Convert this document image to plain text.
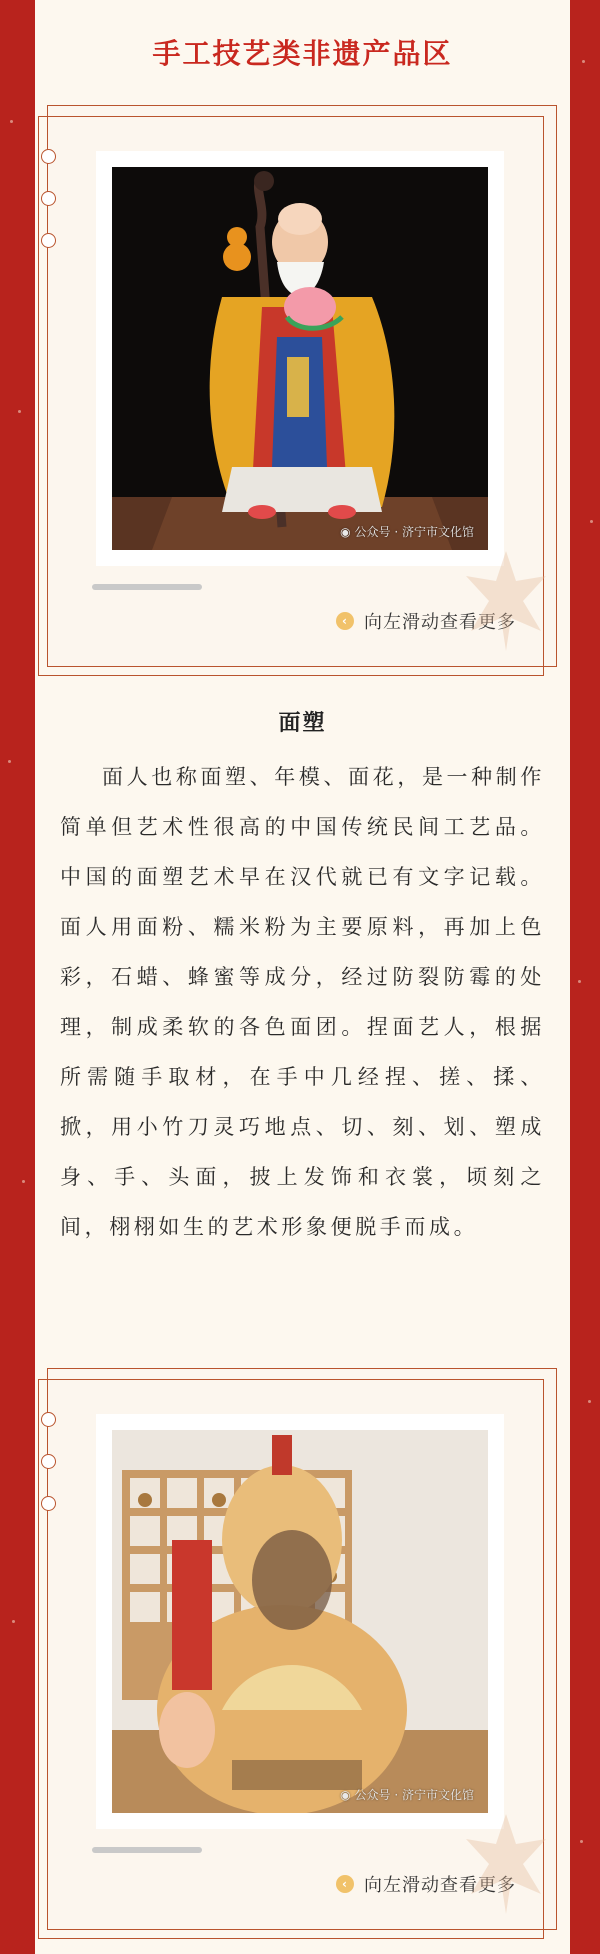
手工技艺类非遗产品区
◉ 公众号 · 济宁市文化馆
‹ 向左滑动查看更多
面塑

面人也称面塑、年模、面花，是一种制作简单但艺术性很高的中国传统民间工艺品。中国的面塑艺术早在汉代就已有文字记载。面人用面粉、糯米粉为主要原料，再加上色彩，石蜡、蜂蜜等成分，经过防裂防霉的处理，制成柔软的各色面团。捏面艺人，根据所需随手取材，在手中几经捏、搓、揉、掀，用小竹刀灵巧地点、切、刻、划、塑成身、手、头面，披上发饰和衣裳，顷刻之间，栩栩如生的艺术形象便脱手而成。

◉ 公众号 · 济宁市文化馆
‹ 向左滑动查看更多
